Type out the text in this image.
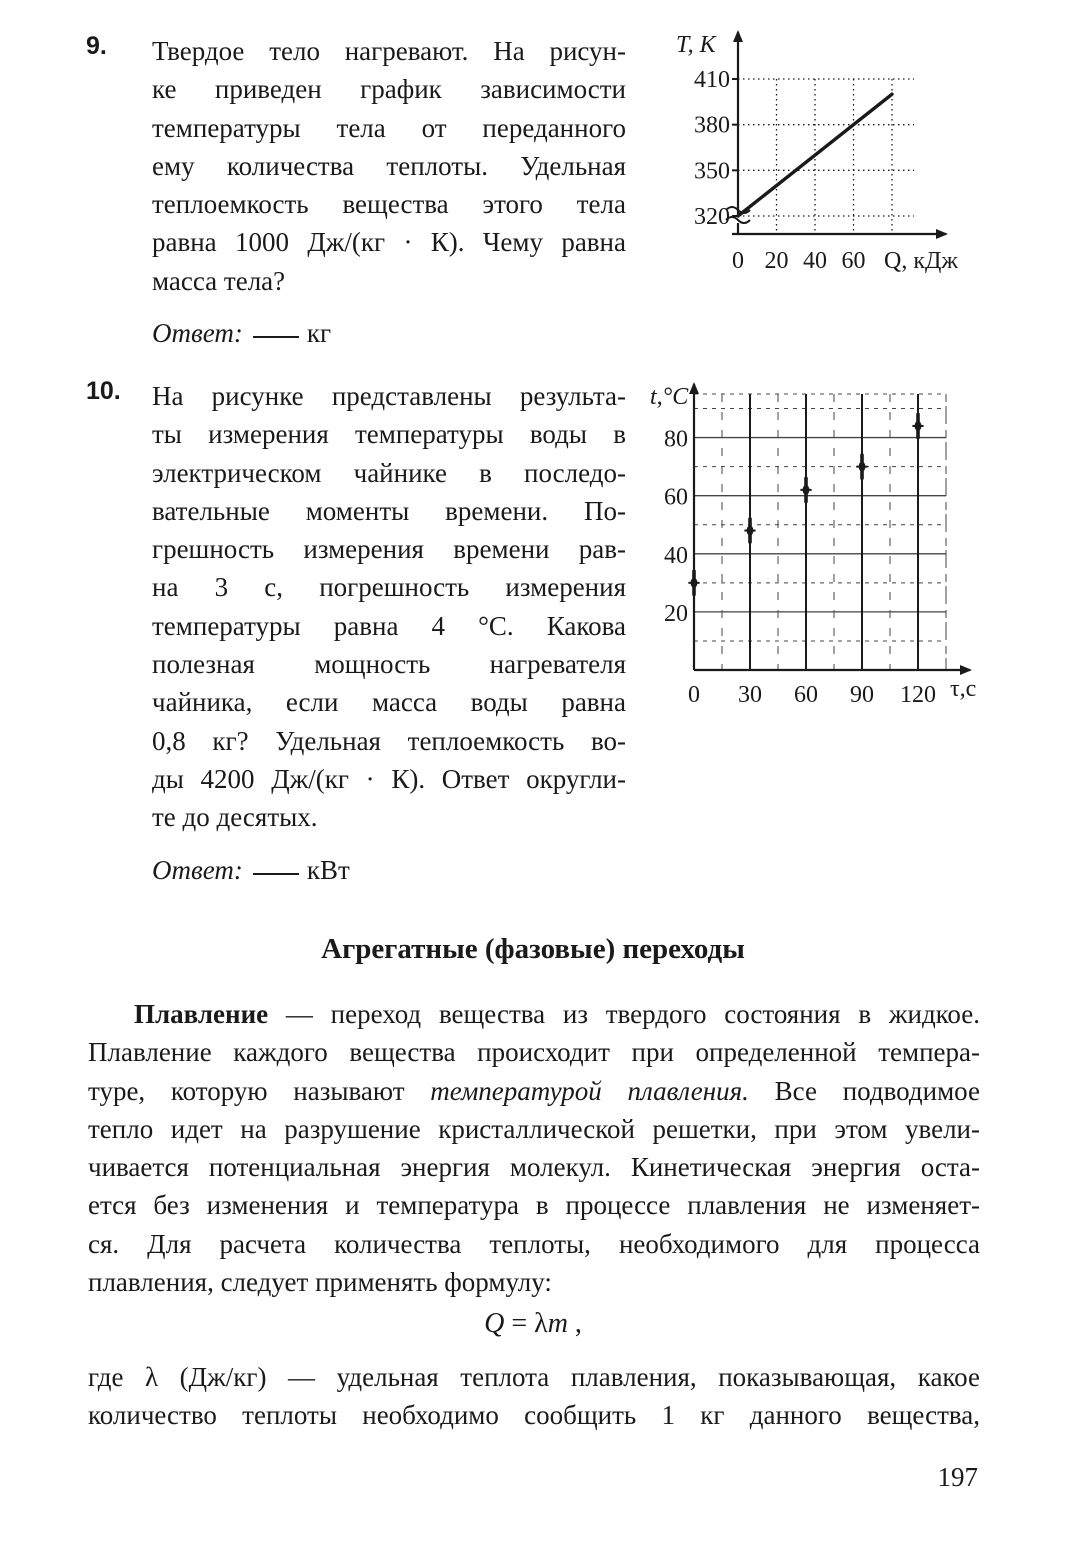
9. Твердое тело нагревают. На рисун-
ке приведен график зависимости
температуры тела от переданного
ему количества теплоты. Удельная
теплоемкость вещества этого тела
равна 1000 Дж/(кг · К). Чему равна
масса тела?
Ответ: кг
320
350
380
410
0 20 40 60
T, К
Q, кДж
10. На рисунке представлены результа-
ты измерения температуры воды в
электрическом чайнике в последо-
вательные моменты времени. По-
грешность измерения времени рав-
на 3 с, погрешность измерения
температуры равна 4 °С. Какова
полезная мощность нагревателя
чайника, если масса воды равна
0,8 кг? Удельная теплоемкость во-
ды 4200 Дж/(кг · К). Ответ округли-
те до десятых.
Ответ: кВт
20
40
60
80
0 30 60 90 120
t,°С
τ,с
Агрегатные (фазовые) переходы
Плавление — переход вещества из твердого состояния в жидкое.
Плавление каждого вещества происходит при определенной темпера-
туре, которую называют температурой плавления. Все подводимое
тепло идет на разрушение кристаллической решетки, при этом увели-
чивается потенциальная энергия молекул. Кинетическая энергия оста-
ется без изменения и температура в процессе плавления не изменяет-
ся. Для расчета количества теплоты, необходимого для процесса
плавления, следует применять формулу:
Q = λm ,
где λ (Дж/кг) — удельная теплота плавления, показывающая, какое
количество теплоты необходимо сообщить 1 кг данного вещества,
197
